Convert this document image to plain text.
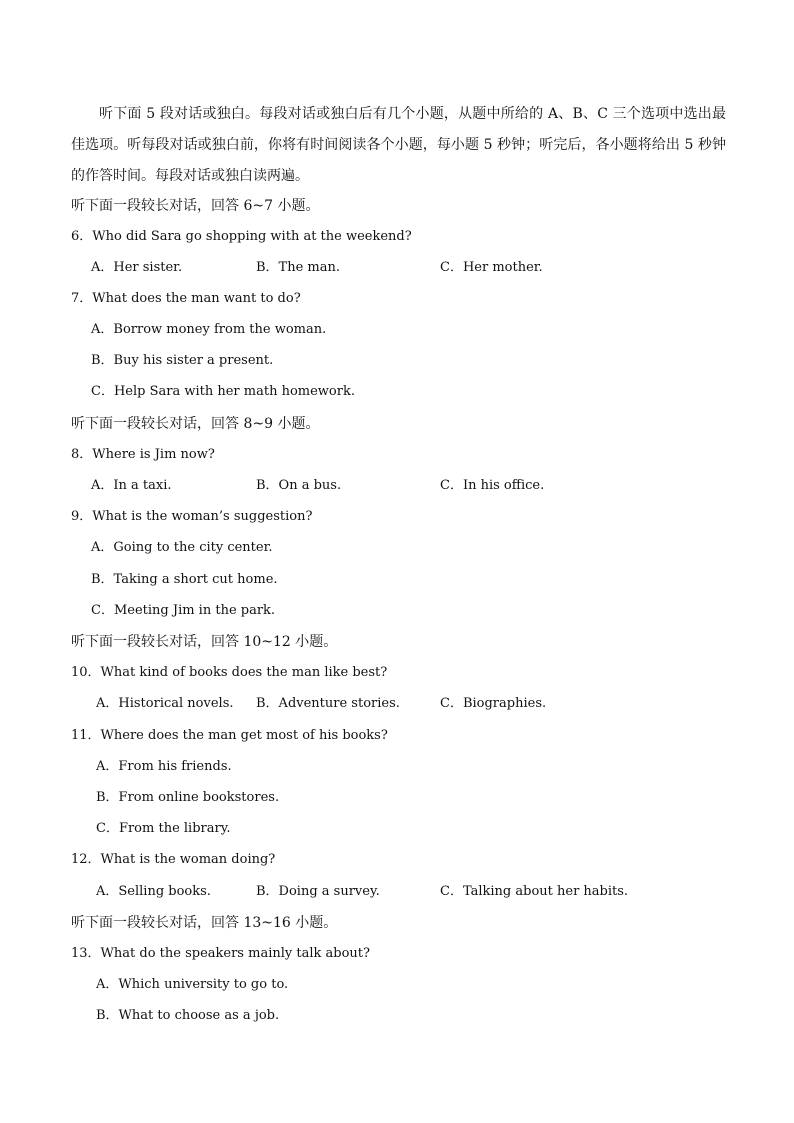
听下面 5 段对话或独白。每段对话或独白后有几个小题，从题中所给的 A、B、C 三个选项中选出最佳选项。听每段对话或独白前，你将有时间阅读各个小题，每小题 5 秒钟；听完后，各小题将给出 5 秒钟的作答时间。每段对话或独白读两遍。
听下面一段较长对话，回答 6~7 小题。
6．Who did Sara go shopping with at the weekend?
A．Her sister.	B．The man.	C．Her mother.
7．What does the man want to do?
A．Borrow money from the woman.
B．Buy his sister a present.
C．Help Sara with her math homework.
听下面一段较长对话，回答 8~9 小题。
8．Where is Jim now?
A．In a taxi.	B．On a bus.	C．In his office.
9．What is the woman’s suggestion?
A．Going to the city center.
B．Taking a short cut home.
C．Meeting Jim in the park.
听下面一段较长对话，回答 10~12 小题。
10．What kind of books does the man like best?
A．Historical novels. B．Adventure stories.	C．Biographies.
11．Where does the man get most of his books?
A．From his friends.
B．From online bookstores.
C．From the library.
12．What is the woman doing?
A．Selling books.	B．Doing a survey.	C．Talking about her habits.
听下面一段较长对话，回答 13~16 小题。
13．What do the speakers mainly talk about?
A．Which university to go to.
B．What to choose as a job.
